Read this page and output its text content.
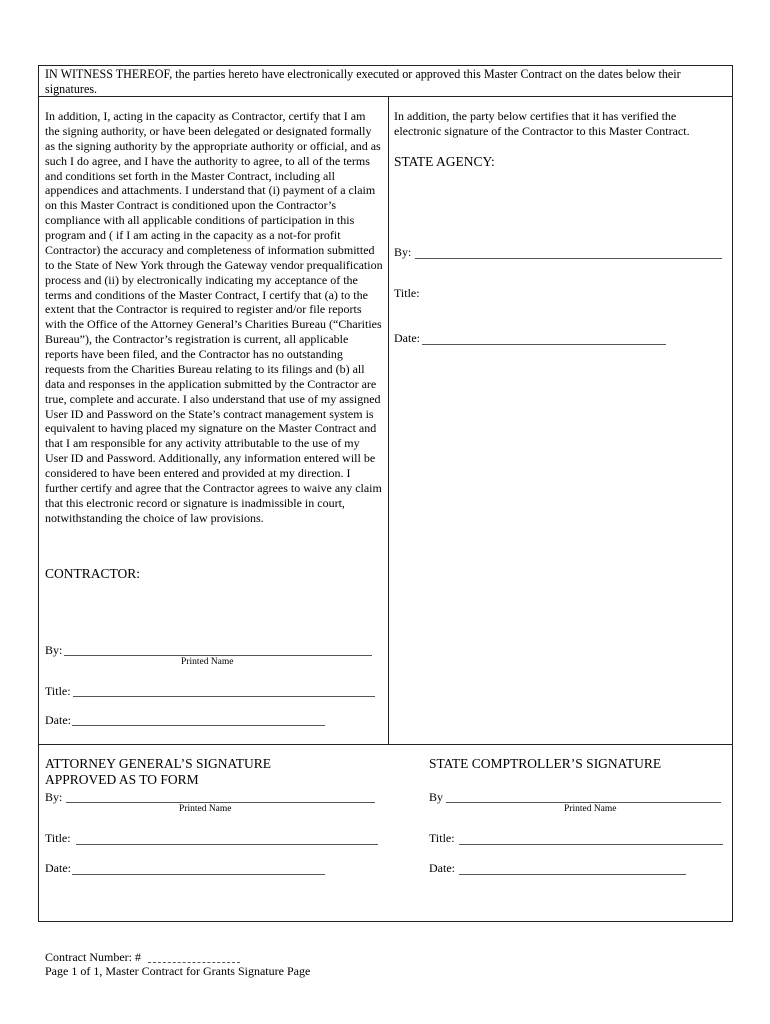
IN WITNESS THEREOF, the parties hereto have electronically executed or approved this Master Contract on the dates below their signatures.
In addition, I, acting in the capacity as Contractor, certify that I am the signing authority, or have been delegated or designated formally as the signing authority by the appropriate authority or official, and as such I do agree, and I have the authority to agree, to all of the terms and conditions set forth in the Master Contract, including all appendices and attachments. I understand that (i) payment of a claim on this Master Contract is conditioned upon the Contractor’s compliance with all applicable conditions of participation in this program and ( if I am acting in the capacity as a not-for profit Contractor) the accuracy and completeness of information submitted to the State of New York through the Gateway vendor prequalification process and (ii) by electronically indicating my acceptance of the terms and conditions of the Master Contract, I certify that (a) to the extent that the Contractor is required to register and/or file reports with the Office of the Attorney General’s Charities Bureau (“Charities Bureau”), the Contractor’s registration is current, all applicable reports have been filed, and the Contractor has no outstanding requests from the Charities Bureau relating to its filings and (b) all data and responses in the application submitted by the Contractor are true, complete and accurate. I also understand that use of my assigned User ID and Password on the State’s contract management system is equivalent to having placed my signature on the Master Contract and that I am responsible for any activity attributable to the use of my User ID and Password. Additionally, any information entered will be considered to have been entered and provided at my direction. I further certify and agree that the Contractor agrees to waive any claim that this electronic record or signature is inadmissible in court, notwithstanding the choice of law provisions.
CONTRACTOR:
By:
Printed Name
Title:
Date:
In addition, the party below certifies that it has verified the electronic signature of the Contractor to this Master Contract.
STATE AGENCY:
By:
Title:
Date:
ATTORNEY GENERAL’S SIGNATURE
APPROVED AS TO FORM
By:
Printed Name
Title:
Date:
STATE COMPTROLLER’S SIGNATURE
By
Printed Name
Title:
Date:
Contract Number: #
Page 1 of 1, Master Contract for Grants Signature Page
